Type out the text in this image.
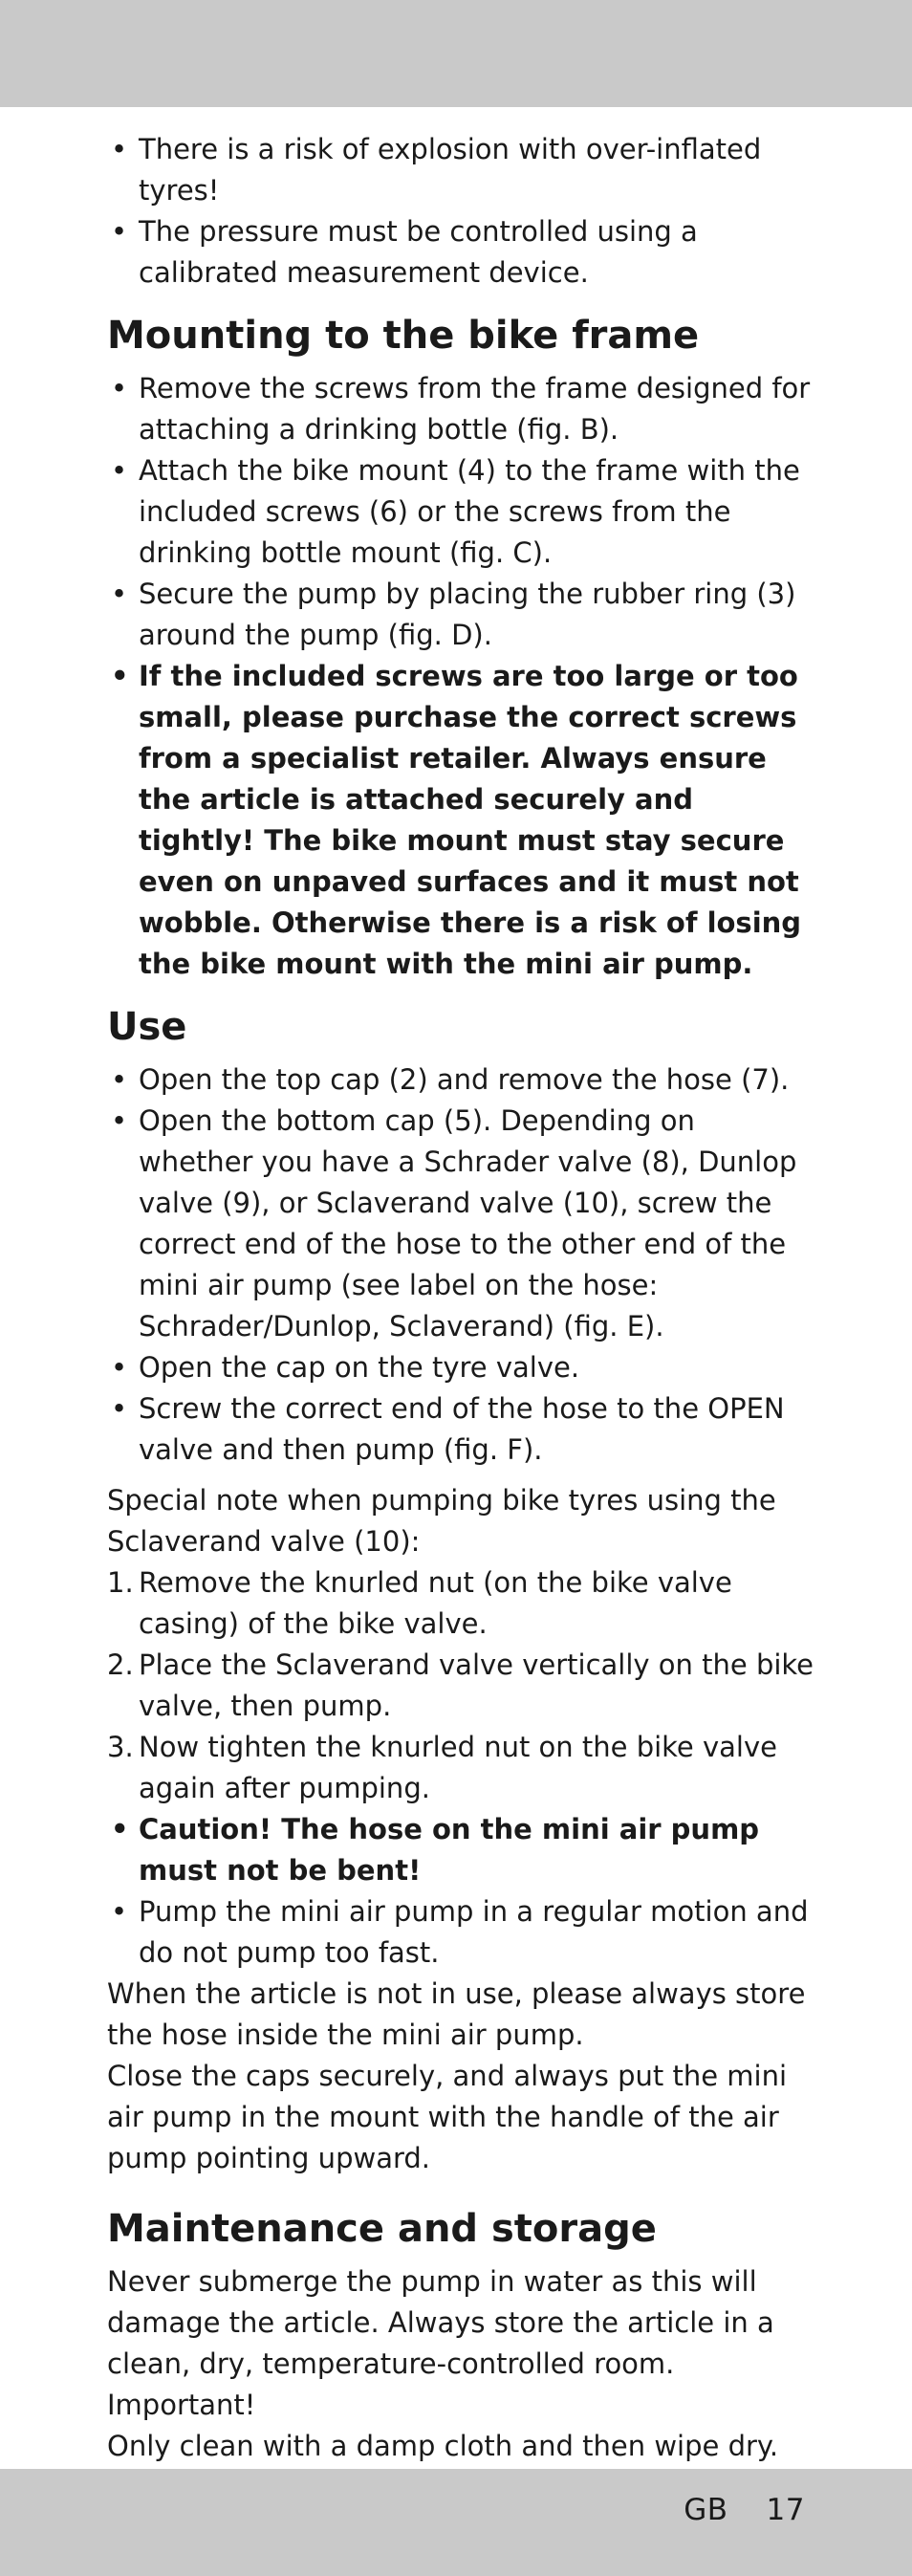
• There is a risk of explosion with over-inflated tyres!
• The pressure must be controlled using a calibrated measurement device.
Mounting to the bike frame
• Remove the screws from the frame designed for attaching a drinking bottle (fig. B).
• Attach the bike mount (4) to the frame with the included screws (6) or the screws from the drinking bottle mount (fig. C).
• Secure the pump by placing the rubber ring (3) around the pump (fig. D).
• If the included screws are too large or too small, please purchase the correct screws from a specialist retailer. Always ensure the article is attached securely and tightly! The bike mount must stay secure even on unpaved surfaces and it must not wobble. Otherwise there is a risk of losing the bike mount with the mini air pump.
Use
• Open the top cap (2) and remove the hose (7).
• Open the bottom cap (5). Depending on whether you have a Schrader valve (8), Dunlop valve (9), or Sclaverand valve (10), screw the correct end of the hose to the other end of the mini air pump (see label on the hose: Schrader/Dunlop, Sclaverand) (fig. E).
• Open the cap on the tyre valve.
• Screw the correct end of the hose to the OPEN valve and then pump (fig. F).

Special note when pumping bike tyres using the Sclaverand valve (10):

1. Remove the knurled nut (on the bike valve casing) of the bike valve.
2. Place the Sclaverand valve vertically on the bike valve, then pump.
3. Now tighten the knurled nut on the bike valve again after pumping.
• Caution! The hose on the mini air pump must not be bent!
• Pump the mini air pump in a regular motion and do not pump too fast.

When the article is not in use, please always store the hose inside the mini air pump.

Close the caps securely, and always put the mini air pump in the mount with the handle of the air pump pointing upward.

Maintenance and storage

Never submerge the pump in water as this will damage the article. Always store the article in a clean, dry, temperature-controlled room. Important!

Only clean with a damp cloth and then wipe dry.

GB 17
